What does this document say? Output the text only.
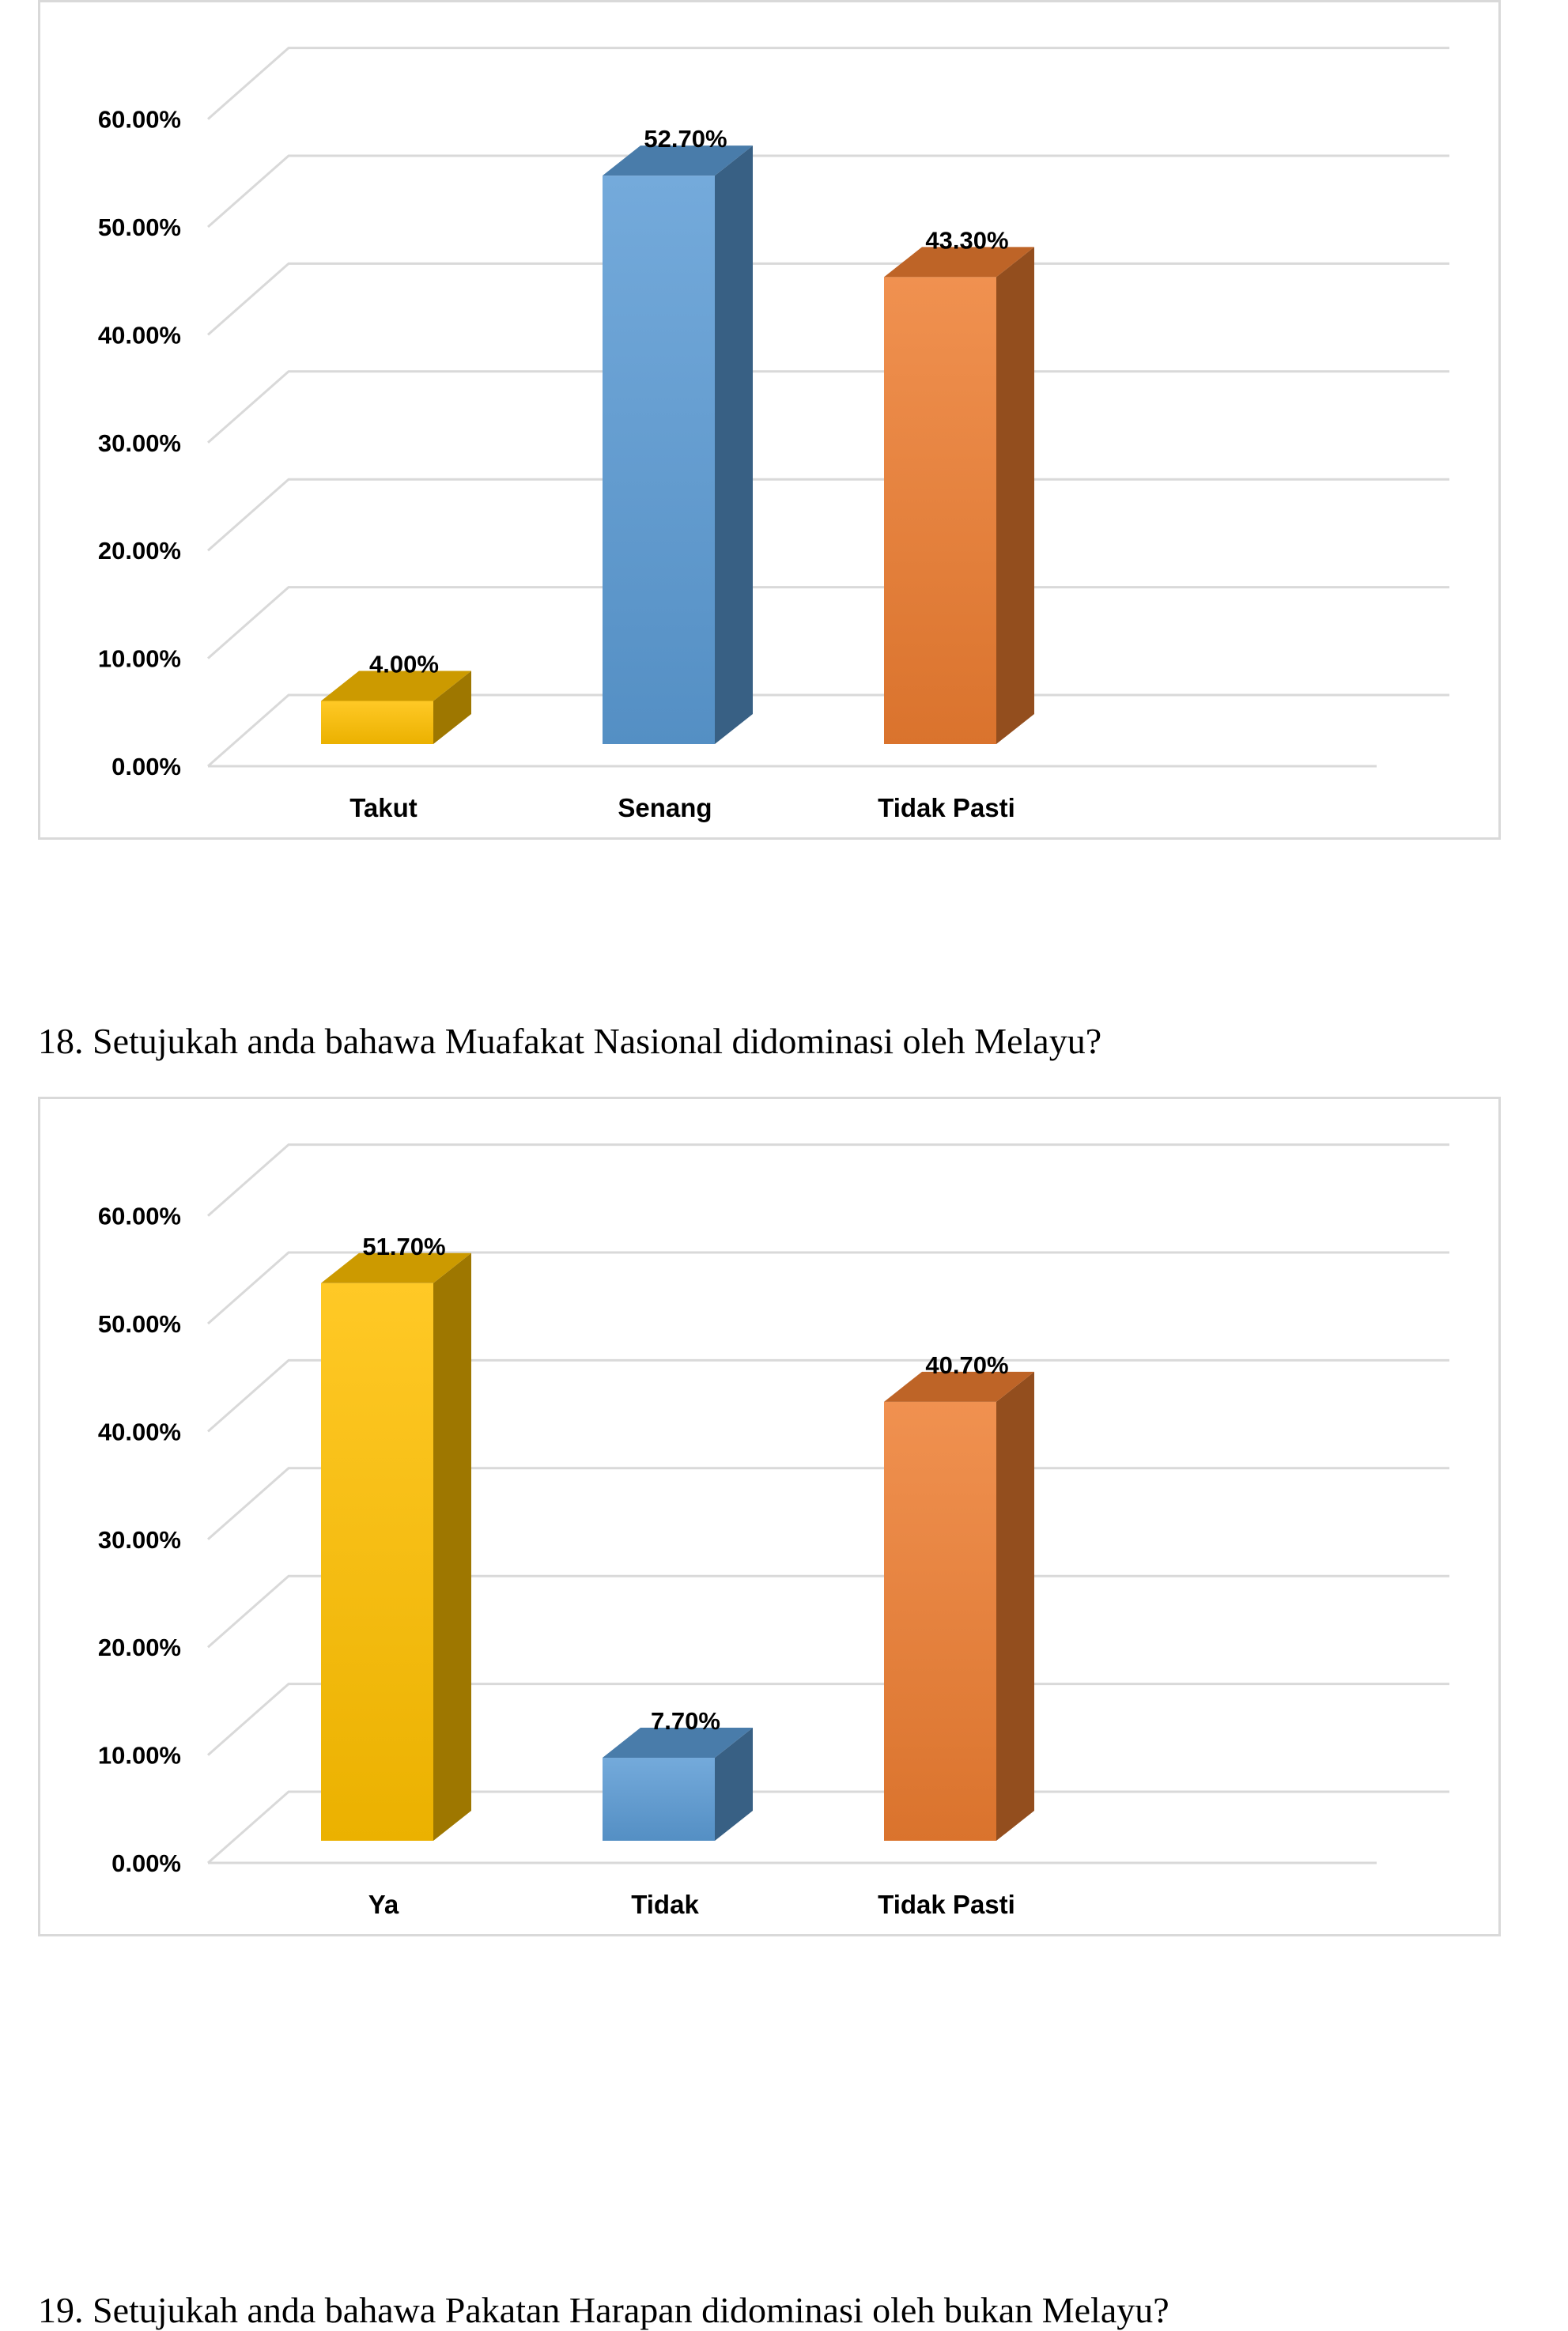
0.00%
10.00%
20.00%
30.00%
40.00%
50.00%
60.00%
4.00%
52.70%
43.30%
Takut	Senang	Tidak Pasti
18. Setujukah anda bahawa Muafakat Nasional didominasi oleh Melayu?
0.00%
10.00%
20.00%
30.00%
40.00%
50.00%
60.00%
51.70%
7.70%
40.70%
Ya	Tidak	Tidak Pasti
19. Setujukah anda bahawa Pakatan Harapan didominasi oleh bukan Melayu?
